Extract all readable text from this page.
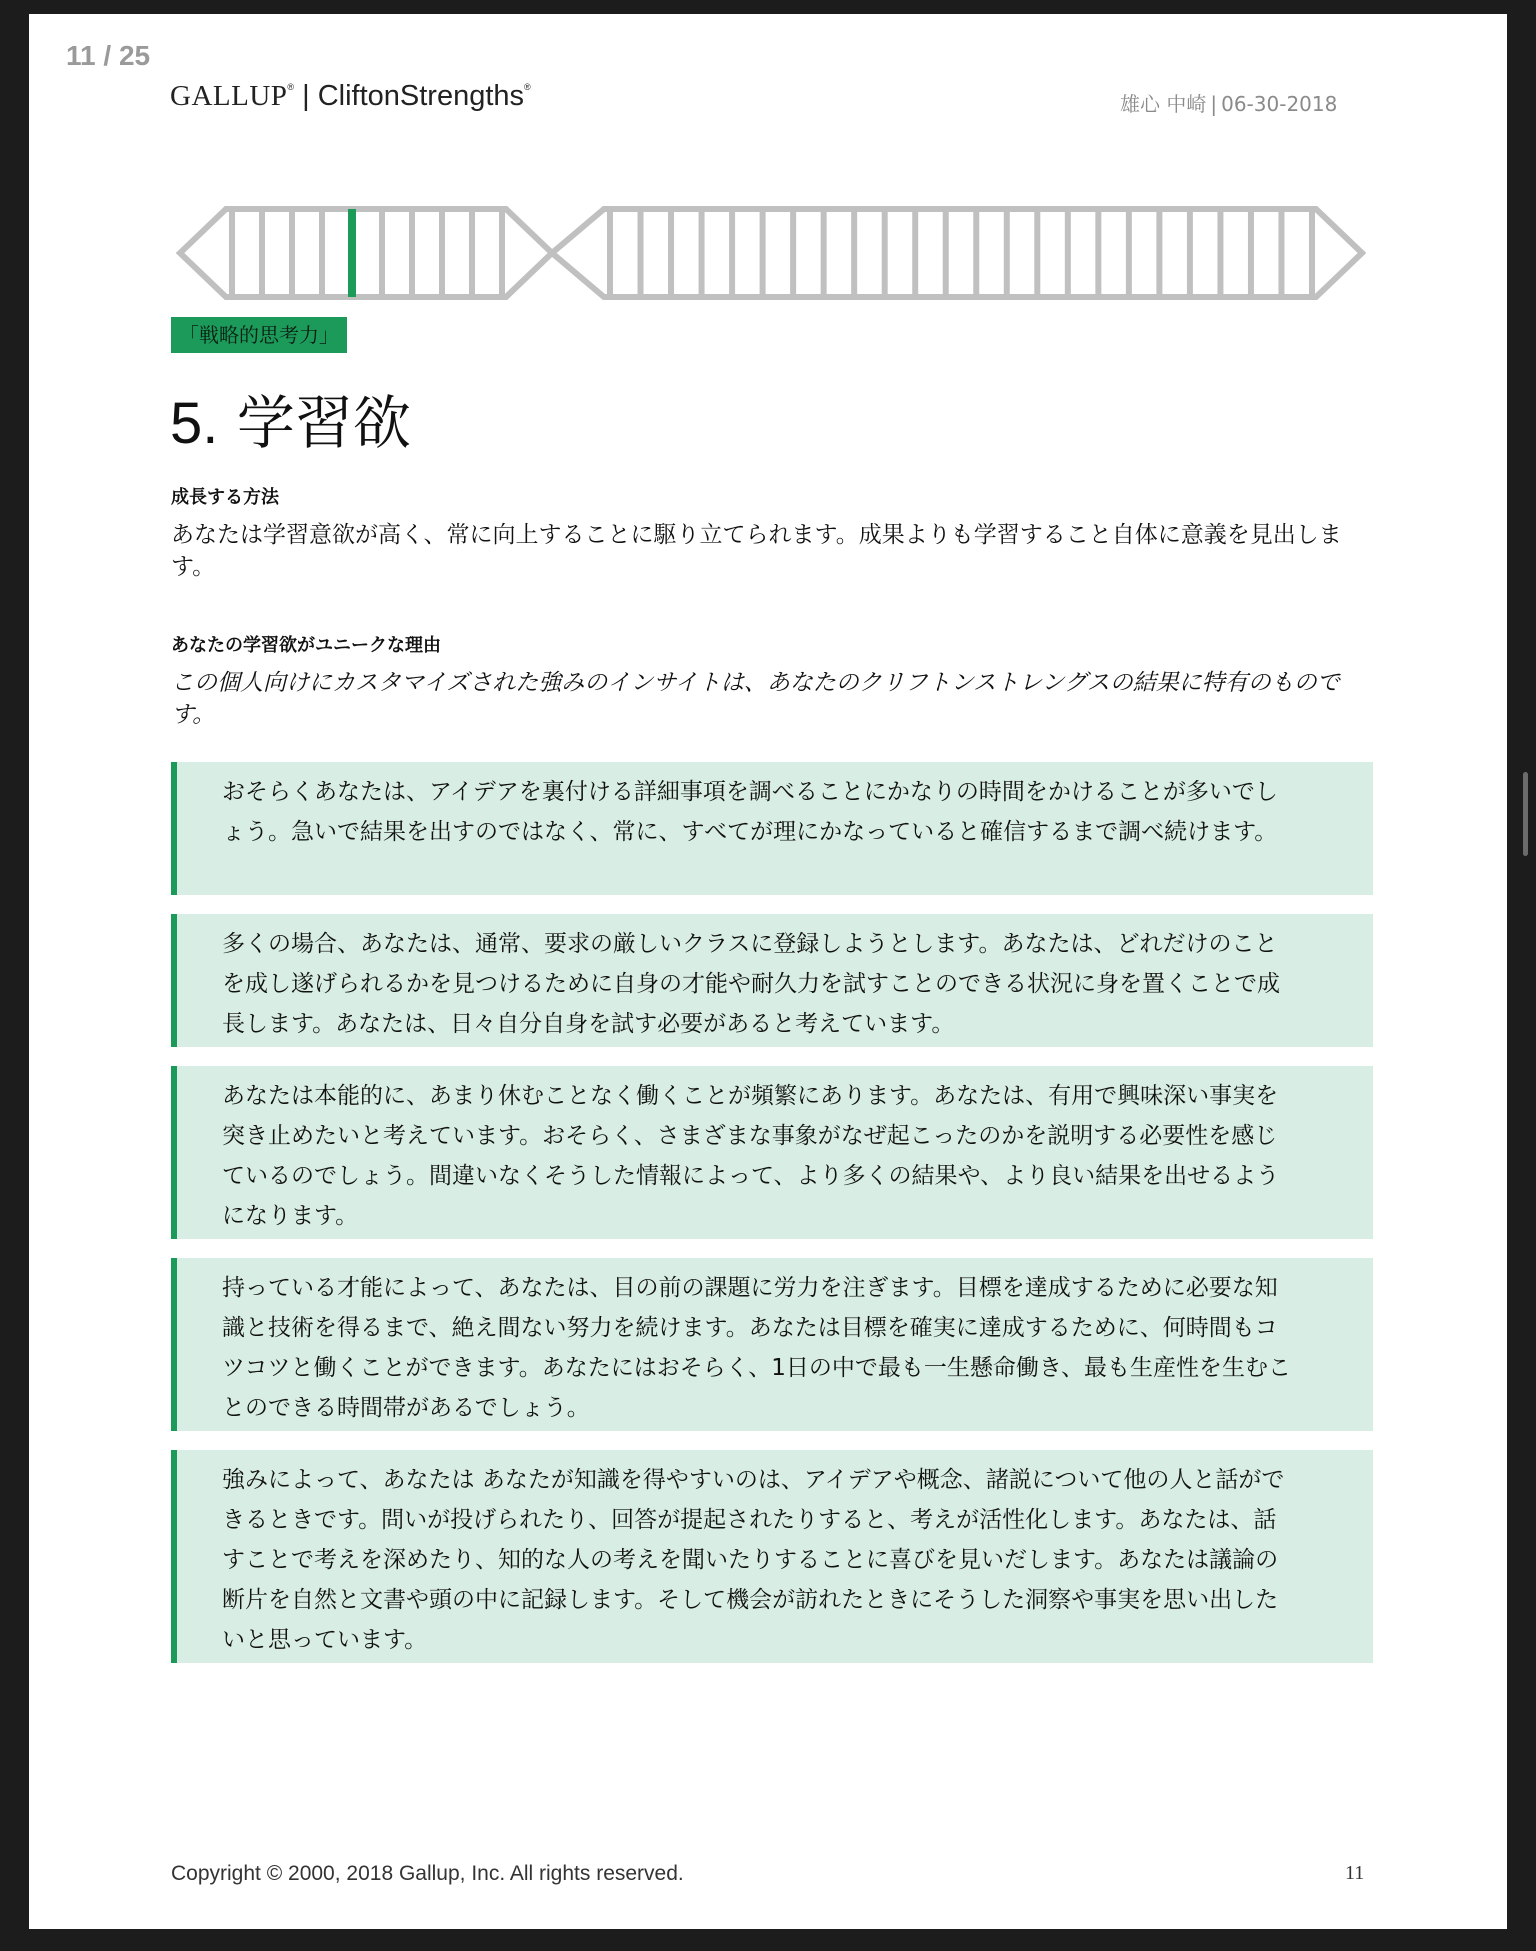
11 / 25
GALLUP® | CliftonStrengths®
雄心 中崎 | 06-30-2018
「戦略的思考力」
5. 学習欲
成長する方法
あなたは学習意欲が高く、常に向上することに駆り立てられます。成果よりも学習すること自体に意義を見出します。
あなたの学習欲がユニークな理由
この個人向けにカスタマイズされた強みのインサイトは、あなたのクリフトンストレングスの結果に特有のものです。
おそらくあなたは、アイデアを裏付ける詳細事項を調べることにかなりの時間をかけることが多いでしょう。急いで結果を出すのではなく、常に、すべてが理にかなっていると確信するまで調べ続けます。
多くの場合、あなたは、通常、要求の厳しいクラスに登録しようとします。あなたは、どれだけのことを成し遂げられるかを見つけるために自身の才能や耐久力を試すことのできる状況に身を置くことで成長します。あなたは、日々自分自身を試す必要があると考えています。
あなたは本能的に、あまり休むことなく働くことが頻繁にあります。あなたは、有用で興味深い事実を突き止めたいと考えています。おそらく、さまざまな事象がなぜ起こったのかを説明する必要性を感じているのでしょう。間違いなくそうした情報によって、より多くの結果や、より良い結果を出せるようになります。
持っている才能によって、あなたは、目の前の課題に労力を注ぎます。目標を達成するために必要な知識と技術を得るまで、絶え間ない努力を続けます。あなたは目標を確実に達成するために、何時間もコツコツと働くことができます。あなたにはおそらく、1日の中で最も一生懸命働き、最も生産性を生むことのできる時間帯があるでしょう。
強みによって、あなたは あなたが知識を得やすいのは、アイデアや概念、諸説について他の人と話ができるときです。問いが投げられたり、回答が提起されたりすると、考えが活性化します。あなたは、話すことで考えを深めたり、知的な人の考えを聞いたりすることに喜びを見いだします。あなたは議論の断片を自然と文書や頭の中に記録します。そして機会が訪れたときにそうした洞察や事実を思い出したいと思っています。
Copyright © 2000, 2018 Gallup, Inc. All rights reserved.	11
